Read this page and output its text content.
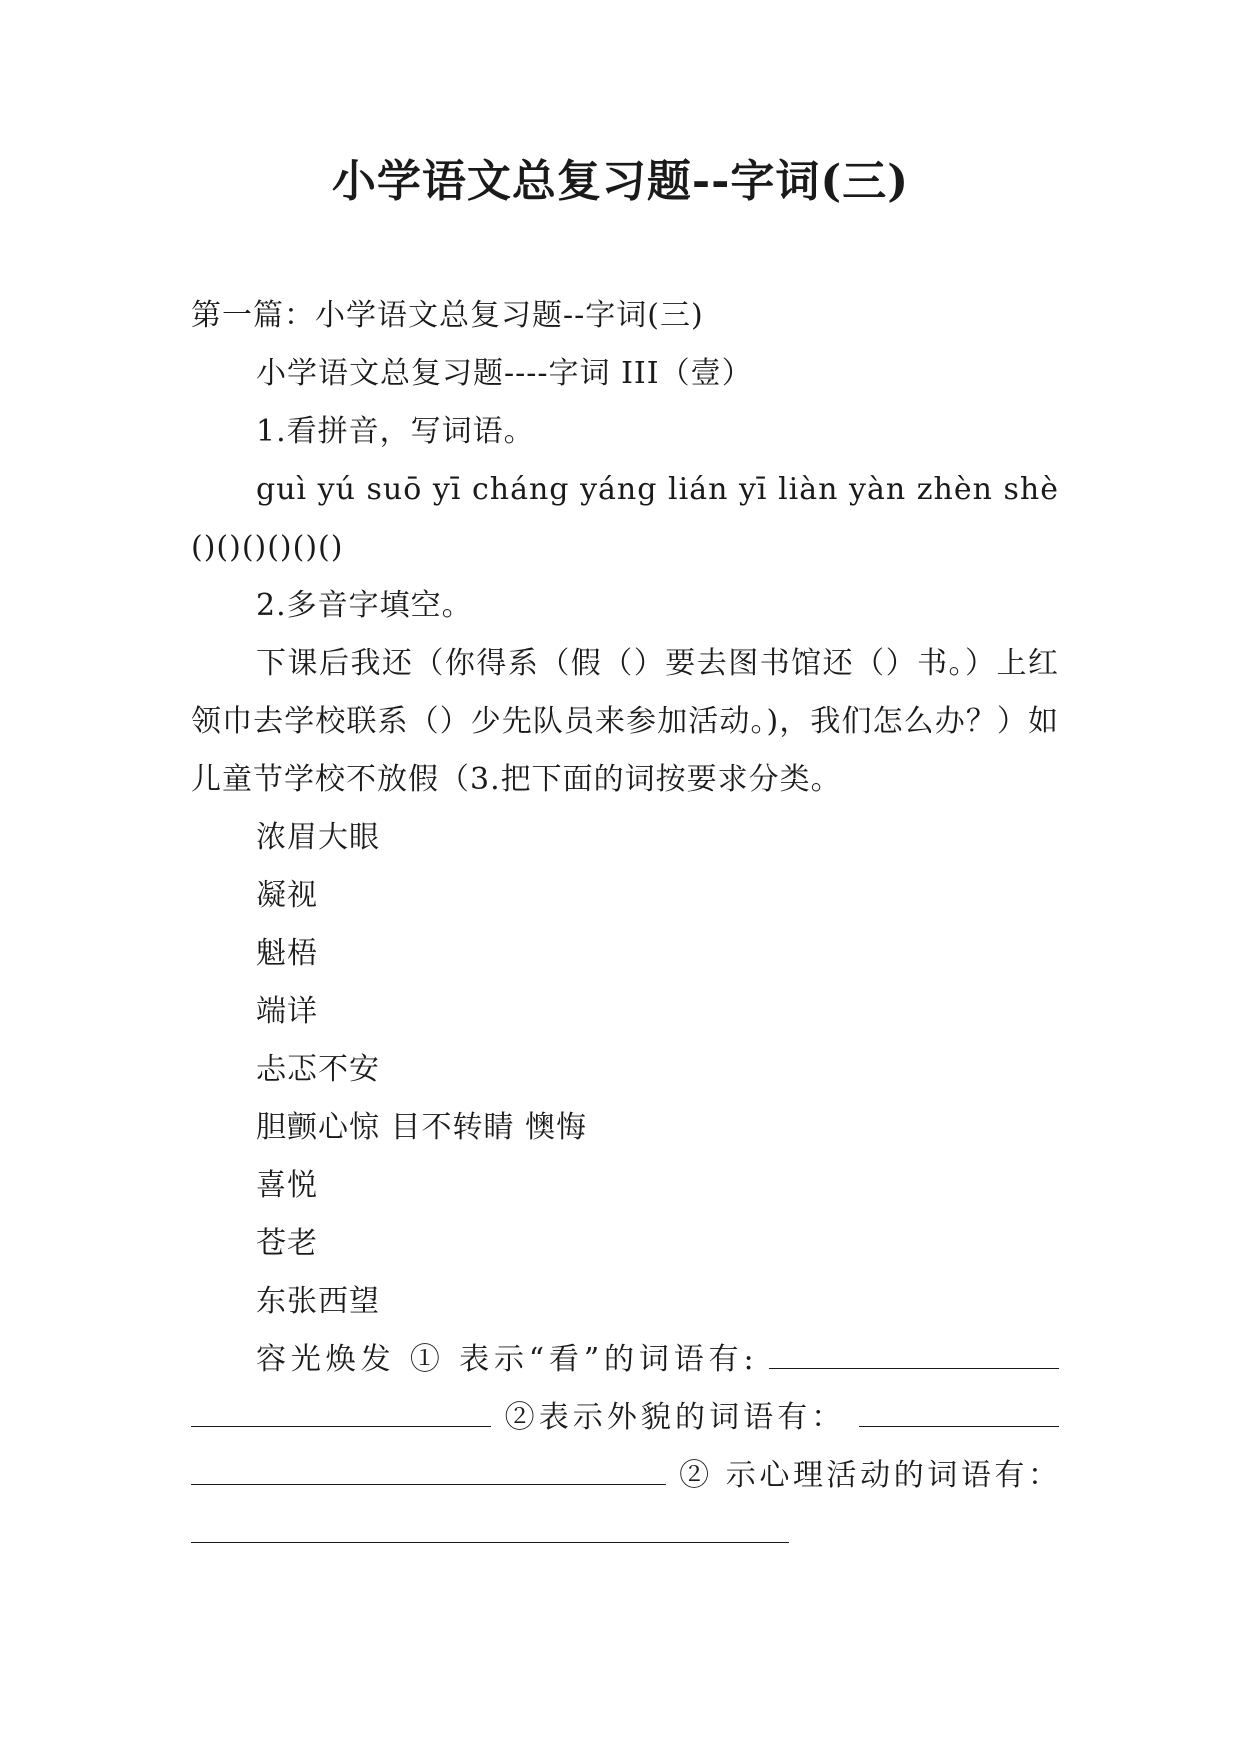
小学语文总复习题--字词(三)

第一篇：小学语文总复习题--字词(三)

小学语文总复习题----字词 III（壹）

1.看拼音，写词语。

guì yú suō yī cháng yáng lián yī liàn yàn zhèn shè ()()()()()()

2.多音字填空。

下课后我还（你得系（假（）要去图书馆还（）书。）上红领巾去学校联系（）少先队员来参加活动。)，我们怎么办？）如儿童节学校不放假（3.把下面的词按要求分类。

浓眉大眼

凝视

魁梧

端详

忐忑不安

胆颤心惊 目不转睛 懊悔

喜悦

苍老

东张西望

容光焕发 ① 表示“看”的词语有:   ②表示外貌的词语有：   ② 示心理活动的词语有：
